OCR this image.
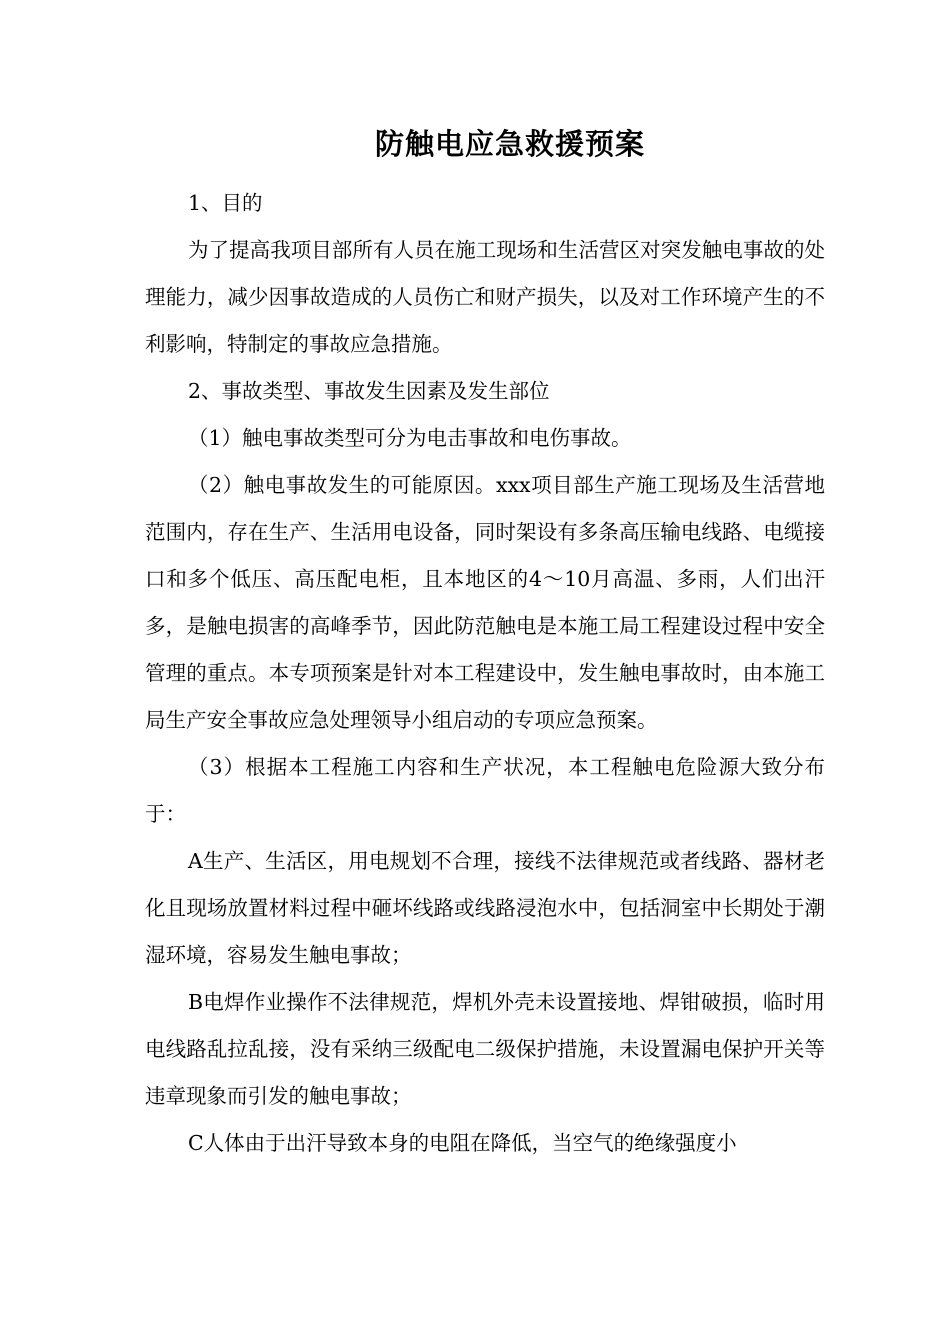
防触电应急救援预案

1、目的

为了提高我项目部所有人员在施工现场和生活营区对突发触电事故的处理能力，减少因事故造成的人员伤亡和财产损失，以及对工作环境产生的不利影响，特制定的事故应急措施。

2、事故类型、事故发生因素及发生部位

（1）触电事故类型可分为电击事故和电伤事故。

（2）触电事故发生的可能原因。xxx项目部生产施工现场及生活营地范围内，存在生产、生活用电设备，同时架设有多条高压输电线路、电缆接口和多个低压、高压配电柜，且本地区的4～10月高温、多雨，人们出汗多，是触电损害的高峰季节，因此防范触电是本施工局工程建设过程中安全管理的重点。本专项预案是针对本工程建设中，发生触电事故时，由本施工局生产安全事故应急处理领导小组启动的专项应急预案。

（3）根据本工程施工内容和生产状况，本工程触电危险源大致分布于：

A生产、生活区，用电规划不合理，接线不法律规范或者线路、器材老化且现场放置材料过程中砸坏线路或线路浸泡水中，包括洞室中长期处于潮湿环境，容易发生触电事故；

B电焊作业操作不法律规范，焊机外壳未设置接地、焊钳破损，临时用电线路乱拉乱接，没有采纳三级配电二级保护措施，未设置漏电保护开关等违章现象而引发的触电事故；

C人体由于出汗导致本身的电阻在降低，当空气的绝缘强度小
